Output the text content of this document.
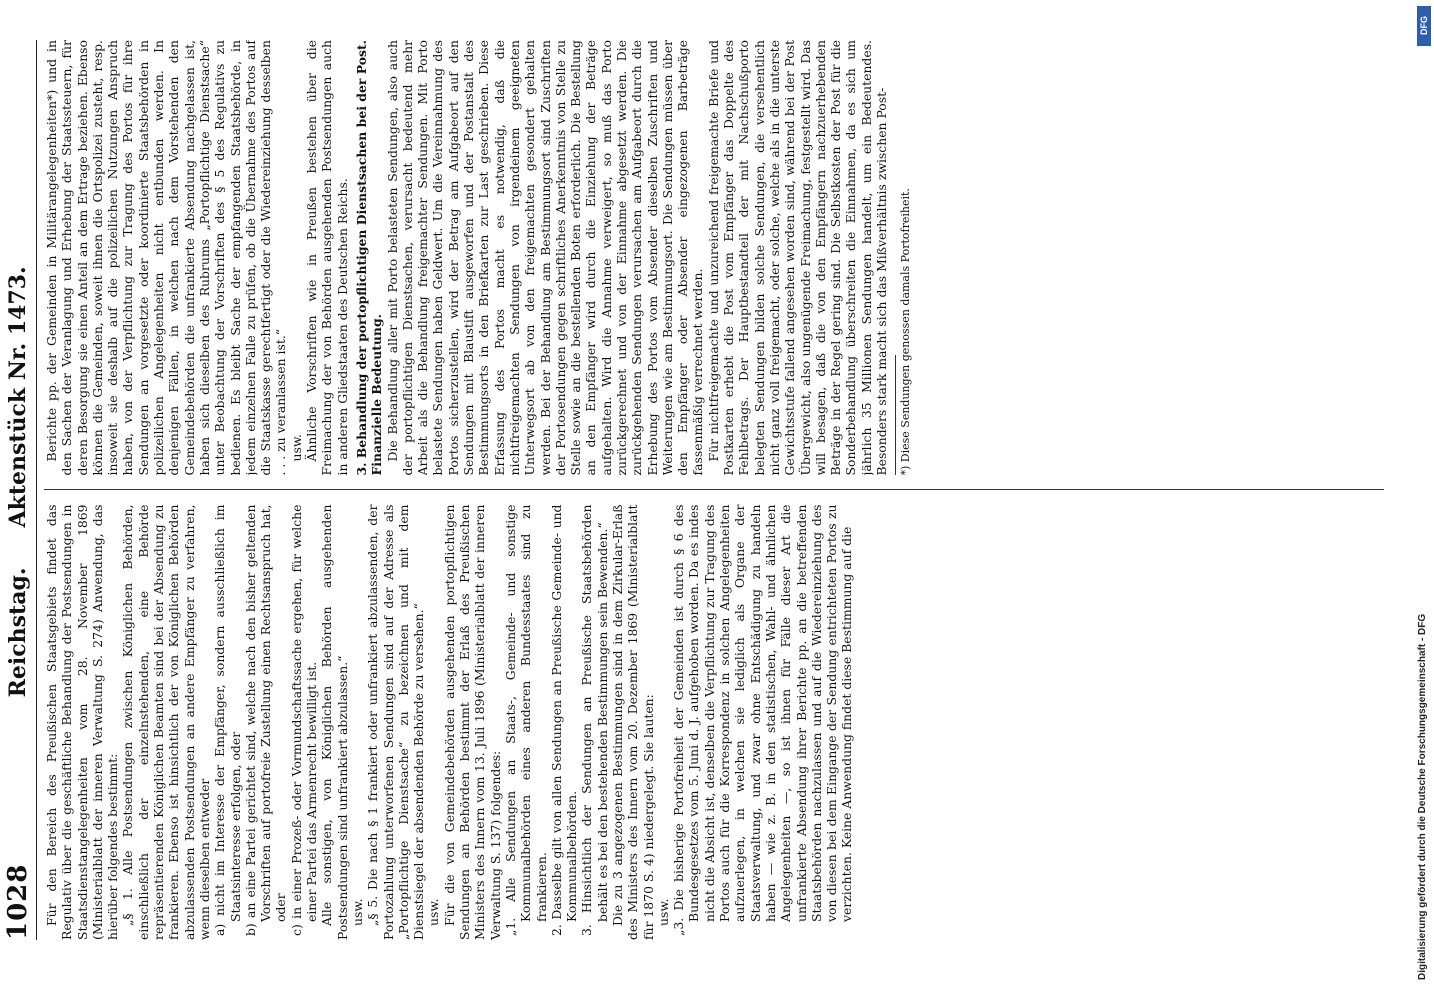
1028
Reichstag.
Aktenstück Nr. 1473.

Für den Bereich des Preußischen Staatsgebiets findet das Regulativ über die geschäftliche Behandlung der Postsendungen in Staatsdienstangelegenheiten vom 28. November 1869 (Ministerialblatt der inneren Verwaltung S. 274) Anwendung, das hierüber folgendes bestimmt: „§ 1. Alle Postsendungen zwischen Königlichen Behörden, einschließlich der einzelnstehenden, eine Behörde repräsentierenden Königlichen Beamten sind bei der Absendung zu frankieren. Ebenso ist hinsichtlich der von Königlichen Behörden abzulassenden Postsendungen an andere Empfänger zu verfahren, wenn dieselben entweder a) nicht im Interesse der Empfänger, sondern ausschließlich im Staatsinteresse erfolgen, oder b) an eine Partei gerichtet sind, welche nach den bisher geltenden Vorschriften auf portofreie Zustellung einen Rechtsanspruch hat, oder c) in einer Prozeß- oder Vormundschaftssache ergehen, für welche einer Partei das Armenrecht bewilligt ist. Alle sonstigen, von Königlichen Behörden ausgehenden Postsendungen sind unfrankiert abzulassen.“ usw. „§ 5. Die nach § 1 frankiert oder unfrankiert abzulassenden, der Portozahlung unterworfenen Sendungen sind auf der Adresse als „Portopflichtige Dienstsache“ zu bezeichnen und mit dem Dienstsiegel der absendenden Behörde zu versehen.“ usw. Für die von Gemeindebehörden ausgehenden portopflichtigen Sendungen an Behörden bestimmt der Erlaß des Preußischen Ministers des Innern vom 13. Juli 1896 (Ministerialblatt der inneren Verwaltung S. 137) folgendes: „1. Alle Sendungen an Staats-, Gemeinde- und sonstige Kommunalbehörden eines anderen Bundesstaates sind zu frankieren. 2. Dasselbe gilt von allen Sendungen an Preußische Gemeinde- und Kommunalbehörden. 3. Hinsichtlich der Sendungen an Preußische Staatsbehörden behält es bei den bestehenden Bestimmungen sein Bewenden.“ Die zu 3 angezogenen Bestimmungen sind in dem Zirkular-Erlaß des Ministers des Innern vom 20. Dezember 1869 (Ministerialblatt für 1870 S. 4) niedergelegt. Sie lauten: usw. „3. Die bisherige Portofreiheit der Gemeinden ist durch § 6 des Bundesgesetzes vom 5. Juni d. J. aufgehoben worden. Da es indes nicht die Absicht ist, denselben die Verpflichtung zur Tragung des Portos auch für die Korrespondenz in solchen Angelegenheiten aufzuerlegen, in welchen sie lediglich als Organe der Staatsverwaltung, und zwar ohne Entschädigung zu handeln haben — wie z. B. in den statistischen, Wahl- und ähnlichen Angelegenheiten —, so ist ihnen für Fälle dieser Art die unfrankierte Absendung ihrer Berichte pp. an die betreffenden Staatsbehörden nachzulassen und auf die Wiedereinziehung des von diesen bei dem Eingange der Sendung entrichteten Portos zu verzichten. Keine Anwendung findet diese Bestimmung auf die

Berichte pp. der Gemeinden in Militärangelegenheiten*) und in den Sachen der Veranlagung und Erhebung der Staatssteuern, für deren Besorgung sie einen Anteil an dem Ertrage beziehen. Ebenso können die Gemeinden, soweit ihnen die Ortspolizei zusteht, resp. insoweit sie deshalb auf die polizeilichen Nutzungen Anspruch haben, von der Verpflichtung zur Tragung des Portos für ihre Sendungen an vorgesetzte oder koordinierte Staatsbehörden in polizeilichen Angelegenheiten nicht entbunden werden. In denjenigen Fällen, in welchen nach dem Vorstehenden den Gemeindebehörden die unfrankierte Absendung nachgelassen ist, haben sich dieselben des Rubrums „Portopflichtige Dienstsache“ unter Beobachtung der Vorschriften des § 5 des Regulativs zu bedienen. Es bleibt Sache der empfangenden Staatsbehörde, in jedem einzelnen Falle zu prüfen, ob die Übernahme des Portos auf die Staatskasse gerechtfertigt oder die Wiedereinziehung desselben . . . zu veranlassen ist.“ usw. Ähnliche Vorschriften wie in Preußen bestehen über die Freimachung der von Behörden ausgehenden Postsendungen auch in anderen Gliedstaaten des Deutschen Reichs. 3. Behandlung der portopflichtigen Dienstsachen bei der Post. Finanzielle Bedeutung. Die Behandlung aller mit Porto belasteten Sendungen, also auch der portopflichtigen Dienstsachen, verursacht bedeutend mehr Arbeit als die Behandlung freigemachter Sendungen. Mit Porto belastete Sendungen haben Geldwert. Um die Vereinnahmung des Portos sicherzustellen, wird der Betrag am Aufgabeort auf den Sendungen mit Blaustift ausgeworfen und der Postanstalt des Bestimmungsorts in den Briefkarten zur Last geschrieben. Diese Erfassung des Portos macht es notwendig, daß die nichtfreigemachten Sendungen von irgendeinem geeigneten Unterwegsort ab von den freigemachten gesondert gehalten werden. Bei der Behandlung am Bestimmungsort sind Zuschriften der Portosendungen gegen schriftliches Anerkenntnis von Stelle zu Stelle sowie an die bestellenden Boten erforderlich. Die Bestellung an den Empfänger wird durch die Einziehung der Beträge aufgehalten. Wird die Annahme verweigert, so muß das Porto zurückgerechnet und von der Einnahme abgesetzt werden. Die zurückgehenden Sendungen verursachen am Aufgabeort durch die Erhebung des Portos vom Absender dieselben Zuschriften und Weiterungen wie am Bestimmungsort. Die Sendungen müssen über den Empfänger oder Absender eingezogenen Barbeträge fassenmäßig verrechnet werden. Für nichtfreigemachte und unzureichend freigemachte Briefe und Postkarten erhebt die Post vom Empfänger das Doppelte des Fehlbetrags. Der Hauptbestandteil der mit Nachschußporto belegten Sendungen bilden solche Sendungen, die versehentlich nicht ganz voll freigemacht, oder solche, welche als in die unterste Gewichtsstufe fallend angesehen worden sind, während bei der Post Übergewicht, also ungenügende Freimachung, festgestellt wird. Das will besagen, daß die von den Empfängern nachzuerhebenden Beträge in der Regel gering sind. Die Selbstkosten der Post für die Sonderbehandlung überschreiten die Einnahmen, da es sich um jährlich 35 Millionen Sendungen handelt, um ein Bedeutendes. Besonders stark macht sich das Mißverhältnis zwischen Post- *) Diese Sendungen genossen damals Portofreiheit.
DFG
Digitalisierung gefördert durch die Deutsche Forschungsgemeinschaft - DFG
